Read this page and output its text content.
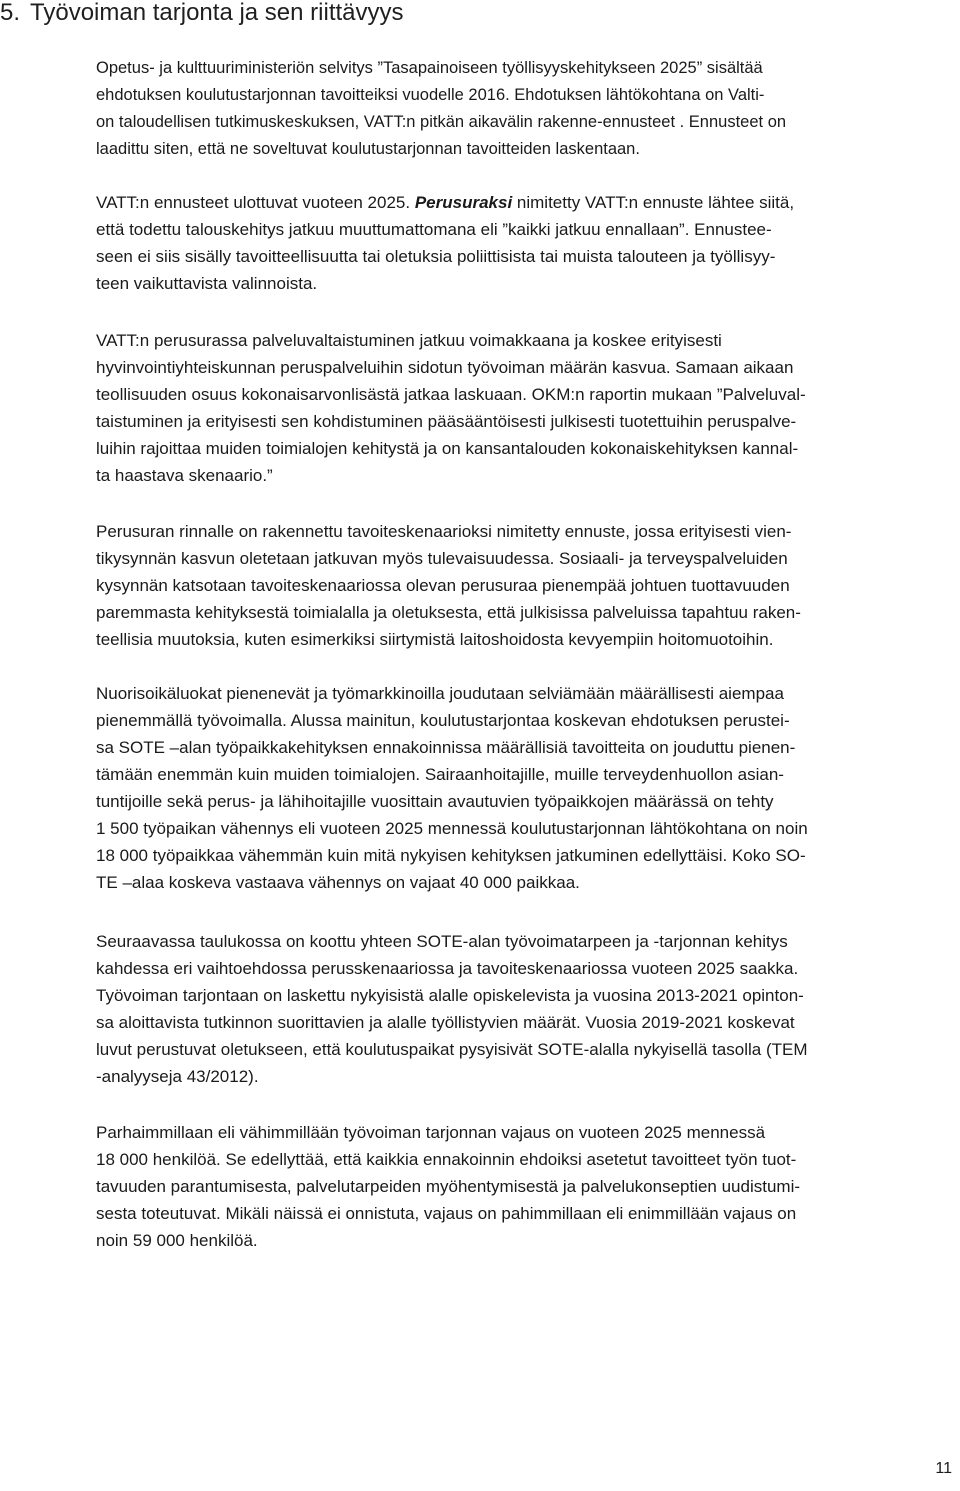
5. Työvoiman tarjonta ja sen riittävyys
Opetus- ja kulttuuriministeriön selvitys ”Tasapainoiseen työllisyyskehitykseen 2025” sisältää
ehdotuksen koulutustarjonnan tavoitteiksi vuodelle 2016. Ehdotuksen lähtökohtana on Valti-
on taloudellisen tutkimuskeskuksen, VATT:n pitkän aikavälin rakenne-ennusteet . Ennusteet on
laadittu siten, että ne soveltuvat koulutustarjonnan tavoitteiden laskentaan.
VATT:n ennusteet ulottuvat vuoteen 2025. Perusuraksi nimitetty VATT:n ennuste lähtee siitä,
että todettu talouskehitys jatkuu muuttumattomana eli ”kaikki jatkuu ennallaan”. Ennustee-
seen ei siis sisälly tavoitteellisuutta tai oletuksia poliittisista tai muista talouteen ja työllisyy-
teen vaikuttavista valinnoista.
VATT:n perusurassa palveluvaltaistuminen jatkuu voimakkaana ja koskee erityisesti
hyvinvointiyhteiskunnan peruspalveluihin sidotun työvoiman määrän kasvua. Samaan aikaan
teollisuuden osuus kokonaisarvonlisästä jatkaa laskuaan. OKM:n raportin mukaan ”Palveluval-
taistuminen ja erityisesti sen kohdistuminen pääsääntöisesti julkisesti tuotettuihin peruspalve-
luihin rajoittaa muiden toimialojen kehitystä ja on kansantalouden kokonaiskehityksen kannal-
ta haastava skenaario.”
Perusuran rinnalle on rakennettu tavoiteskenaarioksi nimitetty ennuste, jossa erityisesti vien-
tikysynnän kasvun oletetaan jatkuvan myös tulevaisuudessa. Sosiaali- ja terveyspalveluiden
kysynnän katsotaan tavoiteskenaariossa olevan perusuraa pienempää johtuen tuottavuuden
paremmasta kehityksestä toimialalla ja oletuksesta, että julkisissa palveluissa tapahtuu raken-
teellisia muutoksia, kuten esimerkiksi siirtymistä laitoshoidosta kevyempiin hoitomuotoihin.
Nuorisoikäluokat pienenevät ja työmarkkinoilla joudutaan selviämään määrällisesti aiempaa
pienemmällä työvoimalla. Alussa mainitun, koulutustarjontaa koskevan ehdotuksen perustei-
sa SOTE –alan työpaikkakehityksen ennakoinnissa määrällisiä tavoitteita on jouduttu pienen-
tämään enemmän kuin muiden toimialojen. Sairaanhoitajille, muille terveydenhuollon asian-
tuntijoille sekä perus- ja lähihoitajille vuosittain avautuvien työpaikkojen määrässä on tehty
1 500 työpaikan vähennys eli vuoteen 2025 mennessä koulutustarjonnan lähtökohtana on noin
18 000 työpaikkaa vähemmän kuin mitä nykyisen kehityksen jatkuminen edellyttäisi. Koko SO-
TE –alaa koskeva vastaava vähennys on vajaat 40 000 paikkaa.
Seuraavassa taulukossa on koottu yhteen SOTE-alan työvoimatarpeen ja -tarjonnan kehitys
kahdessa eri vaihtoehdossa perusskenaariossa ja tavoiteskenaariossa vuoteen 2025 saakka.
Työvoiman tarjontaan on laskettu nykyisistä alalle opiskelevista ja vuosina 2013-2021 opinton-
sa aloittavista tutkinnon suorittavien ja alalle työllistyvien määrät. Vuosia 2019-2021 koskevat
luvut perustuvat oletukseen, että koulutuspaikat pysyisivät SOTE-alalla nykyisellä tasolla (TEM
-analyyseja 43/2012).
Parhaimmillaan eli vähimmillään työvoiman tarjonnan vajaus on vuoteen 2025 mennessä
18 000 henkilöä. Se edellyttää, että kaikkia ennakoinnin ehdoiksi asetetut tavoitteet työn tuot-
tavuuden parantumisesta, palvelutarpeiden myöhentymisestä ja palvelukonseptien uudistumi-
sesta toteutuvat. Mikäli näissä ei onnistuta, vajaus on pahimmillaan eli enimmillään vajaus on
noin 59 000 henkilöä.
11
